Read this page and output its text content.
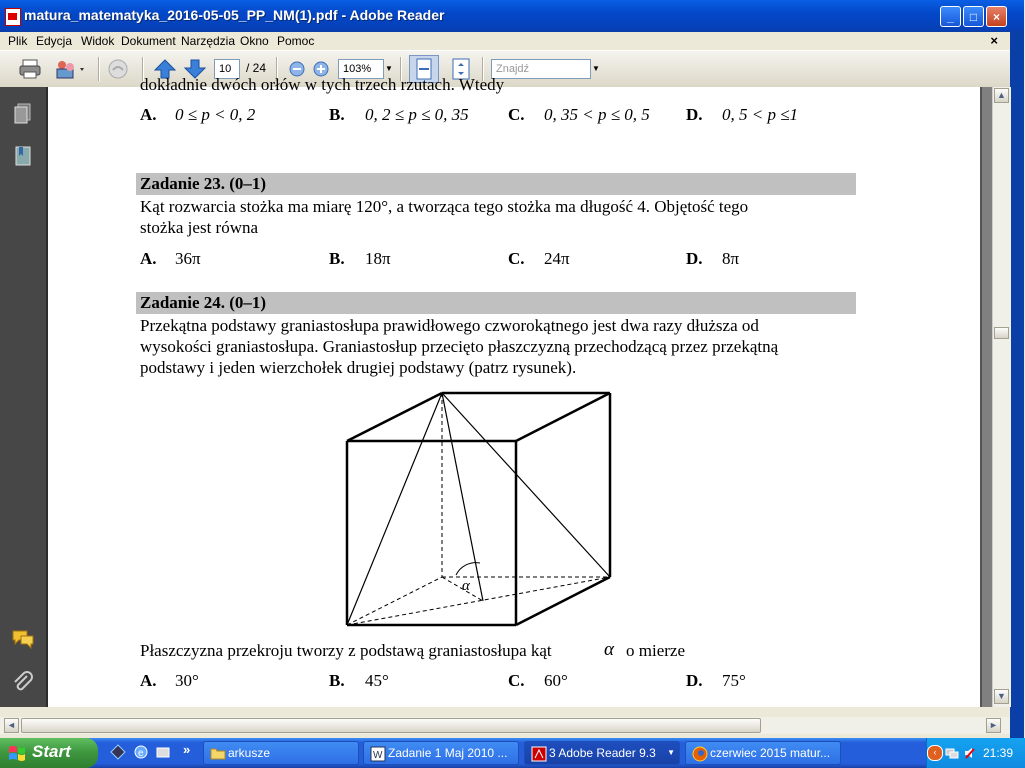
matura_matematyka_2016-05-05_PP_NM(1).pdf - Adobe Reader	_	□	×
Plik Edycja Widok Dokument Narzędzia Okno Pomoc	×
10	/ 24	103%	▼	Znajdź	▼
dokładnie dwóch orłów w tych trzech rzutach. Wtedy
A. 0 ≤ p < 0, 2	B. 0, 2 ≤ p ≤ 0, 35 C. 0, 35 < p ≤ 0, 5 D. 0, 5 < p ≤1
Zadanie 23. (0–1)
Kąt rozwarcia stożka ma miarę 120°, a tworząca tego stożka ma długość 4. Objętość tego
stożka jest równa
A. 36π	B. 18π	C. 24π	D. 8π
Zadanie 24. (0–1)
Przekątna podstawy graniastosłupa prawidłowego czworokątnego jest dwa razy dłuższa od
wysokości graniastosłupa. Graniastosłup przecięto płaszczyzną przechodzącą przez przekątną
podstawy i jeden wierzchołek drugiej podstawy (patrz rysunek).
α
Płaszczyzna przekroju tworzy z podstawą graniastosłupa kąt	α o mierze
A. 30°	B. 45°	C. 60°	D. 75°
▲
▼
◄	►
Start	e	»	arkusze	W Zadanie 1 Maj 2010 ...	3 Adobe Reader 9.3 ▼	czerwiec 2015 matur...	‹	21:39
